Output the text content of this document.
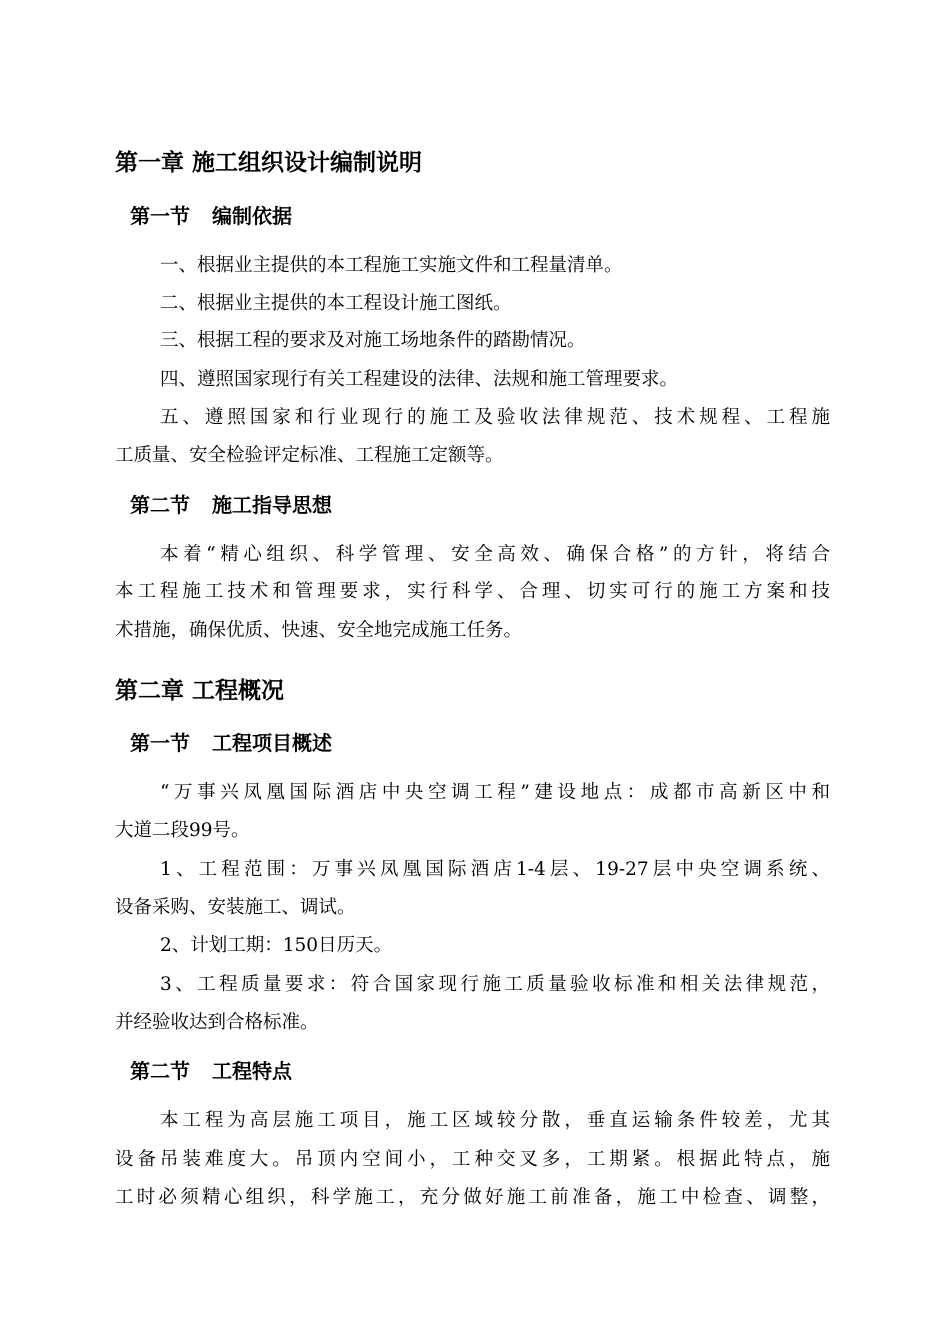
第一章 施工组织设计编制说明
第一节 编制依据

一、根据业主提供的本工程施工实施文件和工程量清单。

二、根据业主提供的本工程设计施工图纸。

三、根据工程的要求及对施工场地条件的踏勘情况。

四、遵照国家现行有关工程建设的法律、法规和施工管理要求。

五、遵照国家和行业现行的施工及验收法律规范、技术规程、工程施

工质量、安全检验评定标准、工程施工定额等。

第二节 施工指导思想

本着“精心组织、科学管理、安全高效、确保合格”的方针，将结合

本工程施工技术和管理要求，实行科学、合理、切实可行的施工方案和技

术措施，确保优质、快速、安全地完成施工任务。

第二章 工程概况
第一节 工程项目概述

“万事兴凤凰国际酒店中央空调工程”建设地点：成都市高新区中和

大道二段99号。

1、工程范围：万事兴凤凰国际酒店1-4层、19-27层中央空调系统、

设备采购、安装施工、调试。

2、计划工期：150日历天。

3、工程质量要求：符合国家现行施工质量验收标准和相关法律规范，

并经验收达到合格标准。

第二节 工程特点

本工程为高层施工项目，施工区域较分散，垂直运输条件较差，尤其

设备吊装难度大。吊顶内空间小，工种交叉多，工期紧。根据此特点，施

工时必须精心组织，科学施工，充分做好施工前准备，施工中检查、调整，
